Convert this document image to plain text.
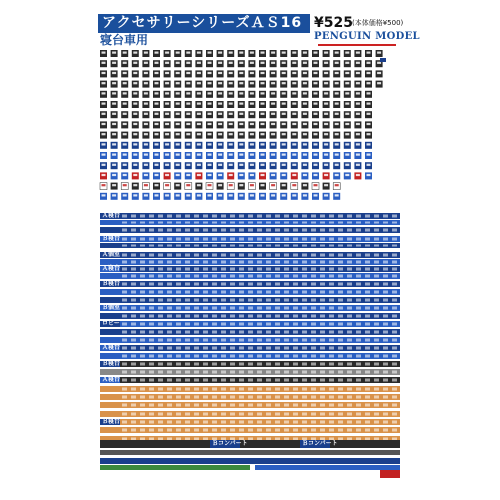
アクセサリーシリーズＡＳ16
寝台車用
¥525 (本体価格¥500)
PENGUIN MODEL
Ａ寝台
Ｂ寝台
Ａ個室
Ａ寝台
Ｂ寝台
Ｂ個室
ロビー
Ａ寝台
Ｂ寝台
Ａ寝台
Ｂ寝台
Ｂコンパート	Ｂコンパート
